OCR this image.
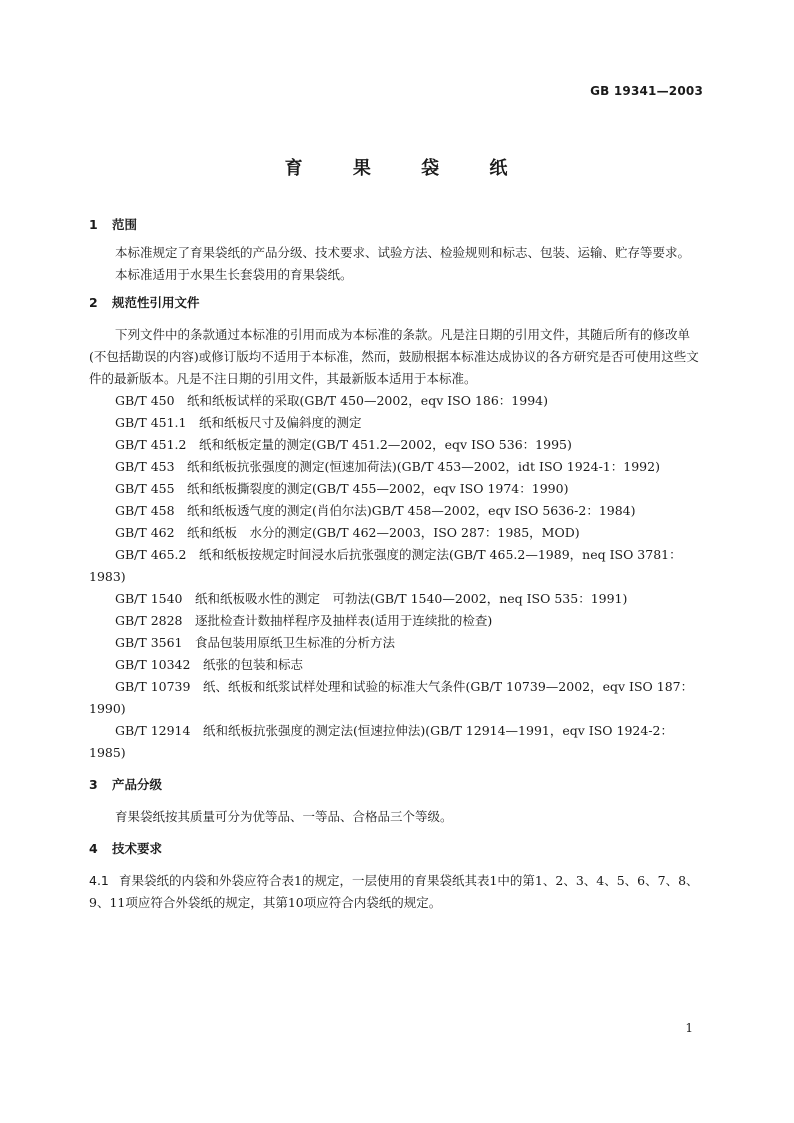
GB 19341—2003
育 果 袋 纸
1 范围

本标准规定了育果袋纸的产品分级、技术要求、试验方法、检验规则和标志、包装、运输、贮存等要求。

本标准适用于水果生长套袋用的育果袋纸。

2 规范性引用文件

下列文件中的条款通过本标准的引用而成为本标准的条款。凡是注日期的引用文件，其随后所有的修改单(不包括勘误的内容)或修订版均不适用于本标准，然而，鼓励根据本标准达成协议的各方研究是否可使用这些文件的最新版本。凡是不注日期的引用文件，其最新版本适用于本标准。

GB/T 450　纸和纸板试样的采取(GB/T 450—2002，eqv ISO 186：1994)

GB/T 451.1　纸和纸板尺寸及偏斜度的测定

GB/T 451.2　纸和纸板定量的测定(GB/T 451.2—2002，eqv ISO 536：1995)

GB/T 453　纸和纸板抗张强度的测定(恒速加荷法)(GB/T 453—2002，idt ISO 1924-1：1992)

GB/T 455　纸和纸板撕裂度的测定(GB/T 455—2002，eqv ISO 1974：1990)

GB/T 458　纸和纸板透气度的测定(肖伯尔法)GB/T 458—2002，eqv ISO 5636-2：1984)

GB/T 462　纸和纸板　水分的测定(GB/T 462—2003，ISO 287：1985，MOD)

GB/T 465.2　纸和纸板按规定时间浸水后抗张强度的测定法(GB/T 465.2—1989，neq ISO 3781：1983)

GB/T 1540　纸和纸板吸水性的测定　可勃法(GB/T 1540—2002，neq ISO 535：1991)

GB/T 2828　逐批检查计数抽样程序及抽样表(适用于连续批的检查)

GB/T 3561　食品包装用原纸卫生标准的分析方法

GB/T 10342　纸张的包装和标志

GB/T 10739　纸、纸板和纸浆试样处理和试验的标准大气条件(GB/T 10739—2002，eqv ISO 187：1990)

GB/T 12914　纸和纸板抗张强度的测定法(恒速拉伸法)(GB/T 12914—1991，eqv ISO 1924-2：1985)

3 产品分级

育果袋纸按其质量可分为优等品、一等品、合格品三个等级。

4 技术要求

4.1 育果袋纸的内袋和外袋应符合表1的规定，一层使用的育果袋纸其表1中的第1、2、3、4、5、6、7、8、9、11项应符合外袋纸的规定，其第10项应符合内袋纸的规定。

1
